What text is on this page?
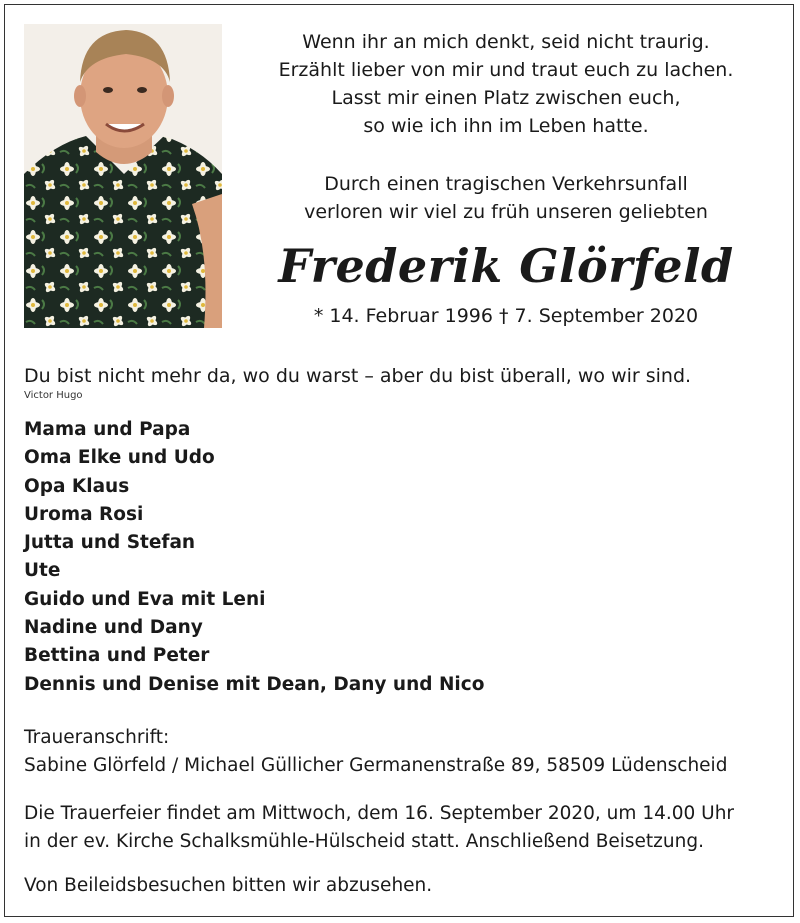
Wenn ihr an mich denkt, seid nicht traurig.
Erzählt lieber von mir und traut euch zu lachen.
Lasst mir einen Platz zwischen euch,
so wie ich ihn im Leben hatte.
Durch einen tragischen Verkehrsunfall
verloren wir viel zu früh unseren geliebten
Frederik Glörfeld
* 14. Februar 1996 † 7. September 2020
Du bist nicht mehr da, wo du warst – aber du bist überall, wo wir sind.
Victor Hugo
Mama und Papa
Oma Elke und Udo
Opa Klaus
Uroma Rosi
Jutta und Stefan
Ute
Guido und Eva mit Leni
Nadine und Dany
Bettina und Peter
Dennis und Denise mit Dean, Dany und Nico
Traueranschrift:
Sabine Glörfeld / Michael Güllicher Germanenstraße 89, 58509 Lüdenscheid
Die Trauerfeier findet am Mittwoch, dem 16. September 2020, um 14.00 Uhr
in der ev. Kirche Schalksmühle-Hülscheid statt. Anschließend Beisetzung.
Von Beileidsbesuchen bitten wir abzusehen.
